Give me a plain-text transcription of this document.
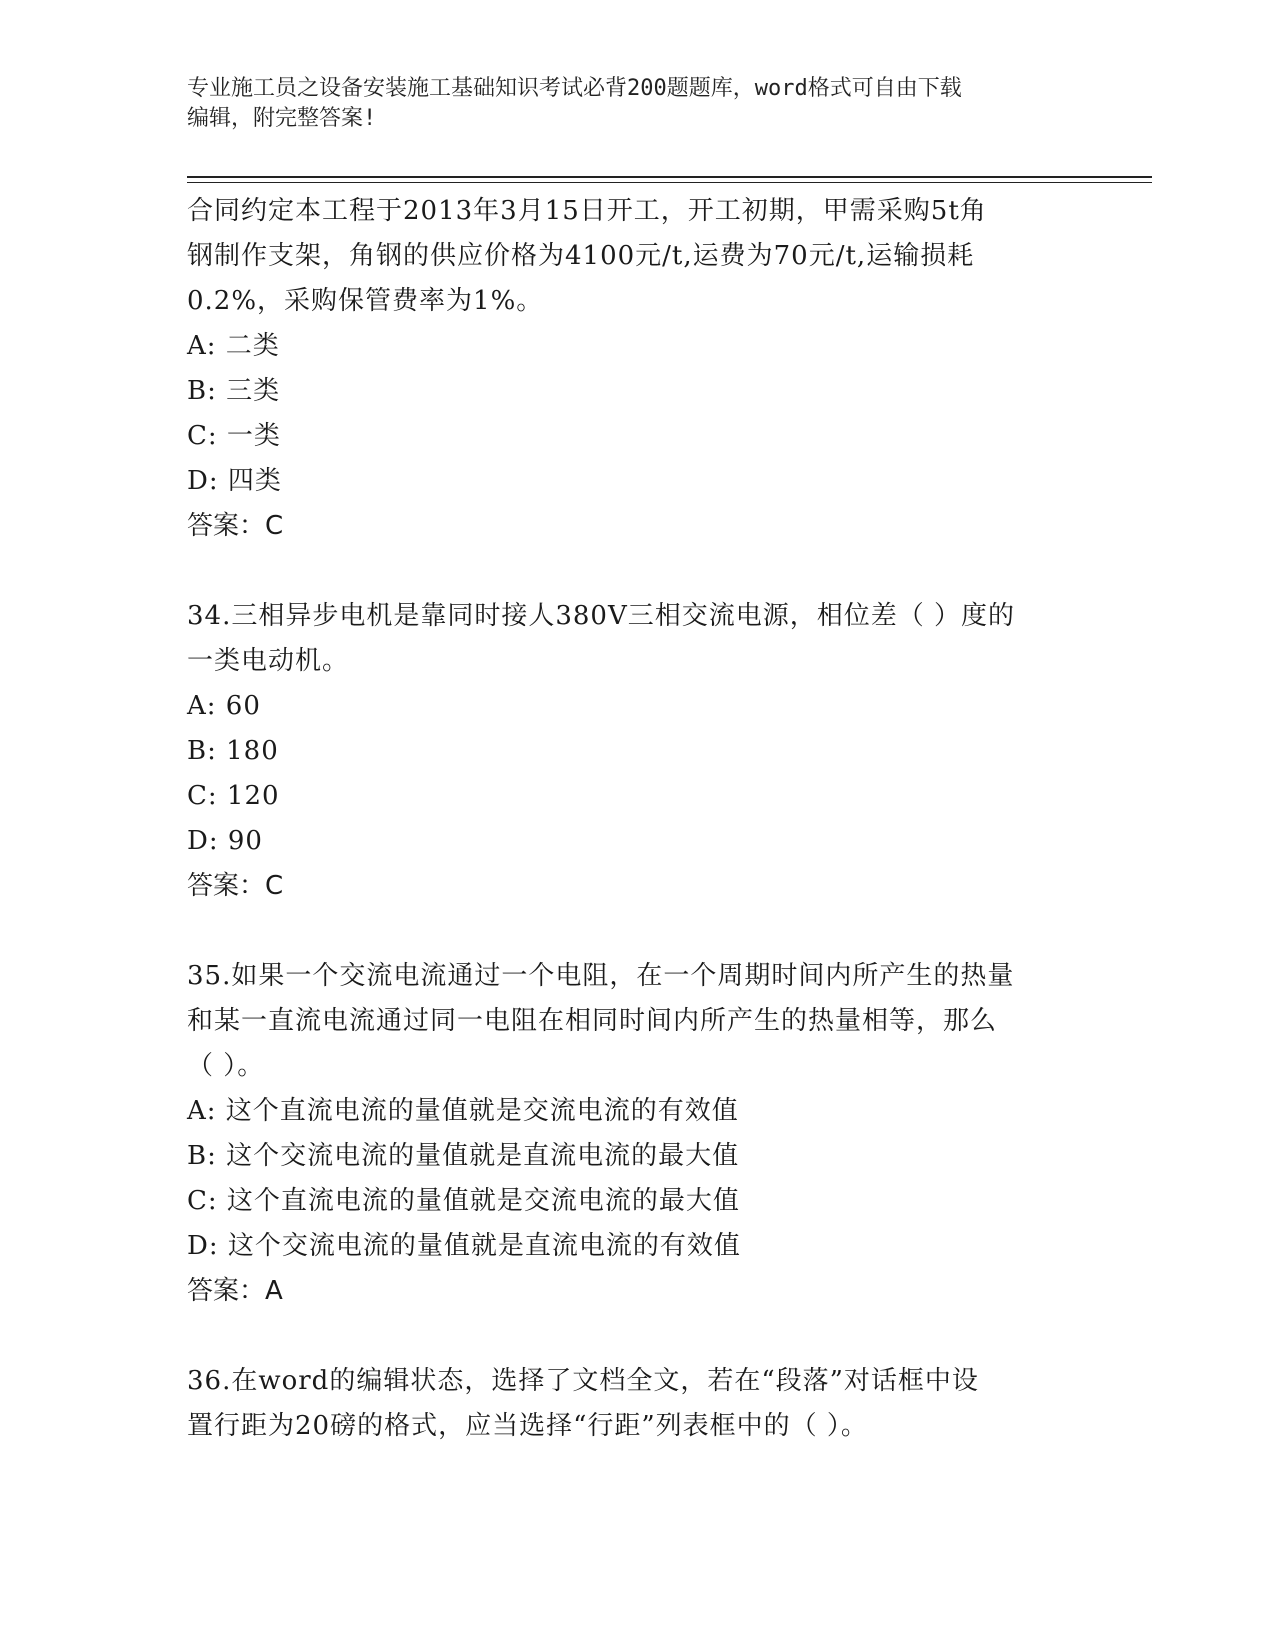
专业施工员之设备安装施工基础知识考试必背200题题库，word格式可自由下载
编辑，附完整答案!
合同约定本工程于2013年3月15日开工，开工初期，甲需采购5t角
钢制作支架，角钢的供应价格为4100元/t,运费为70元/t,运输损耗
0.2%，采购保管费率为1%。
A: 二类
B: 三类
C: 一类
D: 四类
答案：C
34.三相异步电机是靠同时接人380V三相交流电源，相位差（ ）度的
一类电动机。
A: 60
B: 180
C: 120
D: 90
答案：C
35.如果一个交流电流通过一个电阻，在一个周期时间内所产生的热量
和某一直流电流通过同一电阻在相同时间内所产生的热量相等，那么
（ ）。
A: 这个直流电流的量值就是交流电流的有效值
B: 这个交流电流的量值就是直流电流的最大值
C: 这个直流电流的量值就是交流电流的最大值
D: 这个交流电流的量值就是直流电流的有效值
答案：A
36.在word的编辑状态，选择了文档全文，若在“段落”对话框中设
置行距为20磅的格式，应当选择“行距”列表框中的（ ）。
